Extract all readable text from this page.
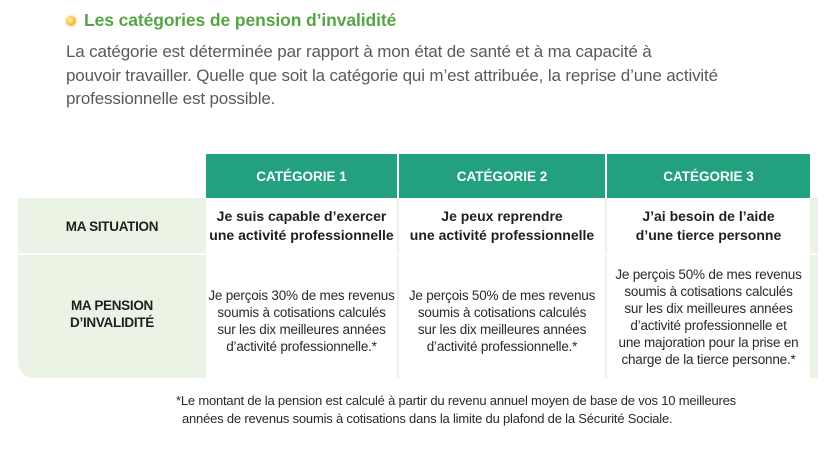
Les catégories de pension d’invalidité
La catégorie est déterminée par rapport à mon état de santé et à ma capacité à
pouvoir travailler. Quelle que soit la catégorie qui m’est attribuée, la reprise d’une activité
professionnelle est possible.
CATÉGORIE 1	CATÉGORIE 2	CATÉGORIE 3
MA SITUATION
MA PENSION
D’INVALIDITÉ
Je suis capable d’exercer
une activité professionnelle
Je peux reprendre
une activité professionnelle
J’ai besoin de l’aide
d’une tierce personne
Je perçois 30% de mes revenus
soumis à cotisations calculés
sur les dix meilleures années
d’activité professionnelle.*
Je perçois 50% de mes revenus
soumis à cotisations calculés
sur les dix meilleures années
d’activité professionnelle.*
Je perçois 50% de mes revenus
soumis à cotisations calculés
sur les dix meilleures années
d’activité professionnelle et
une majoration pour la prise en
charge de la tierce personne.*
*Le montant de la pension est calculé à partir du revenu annuel moyen de base de vos 10 meilleures
années de revenus soumis à cotisations dans la limite du plafond de la Sécurité Sociale.
